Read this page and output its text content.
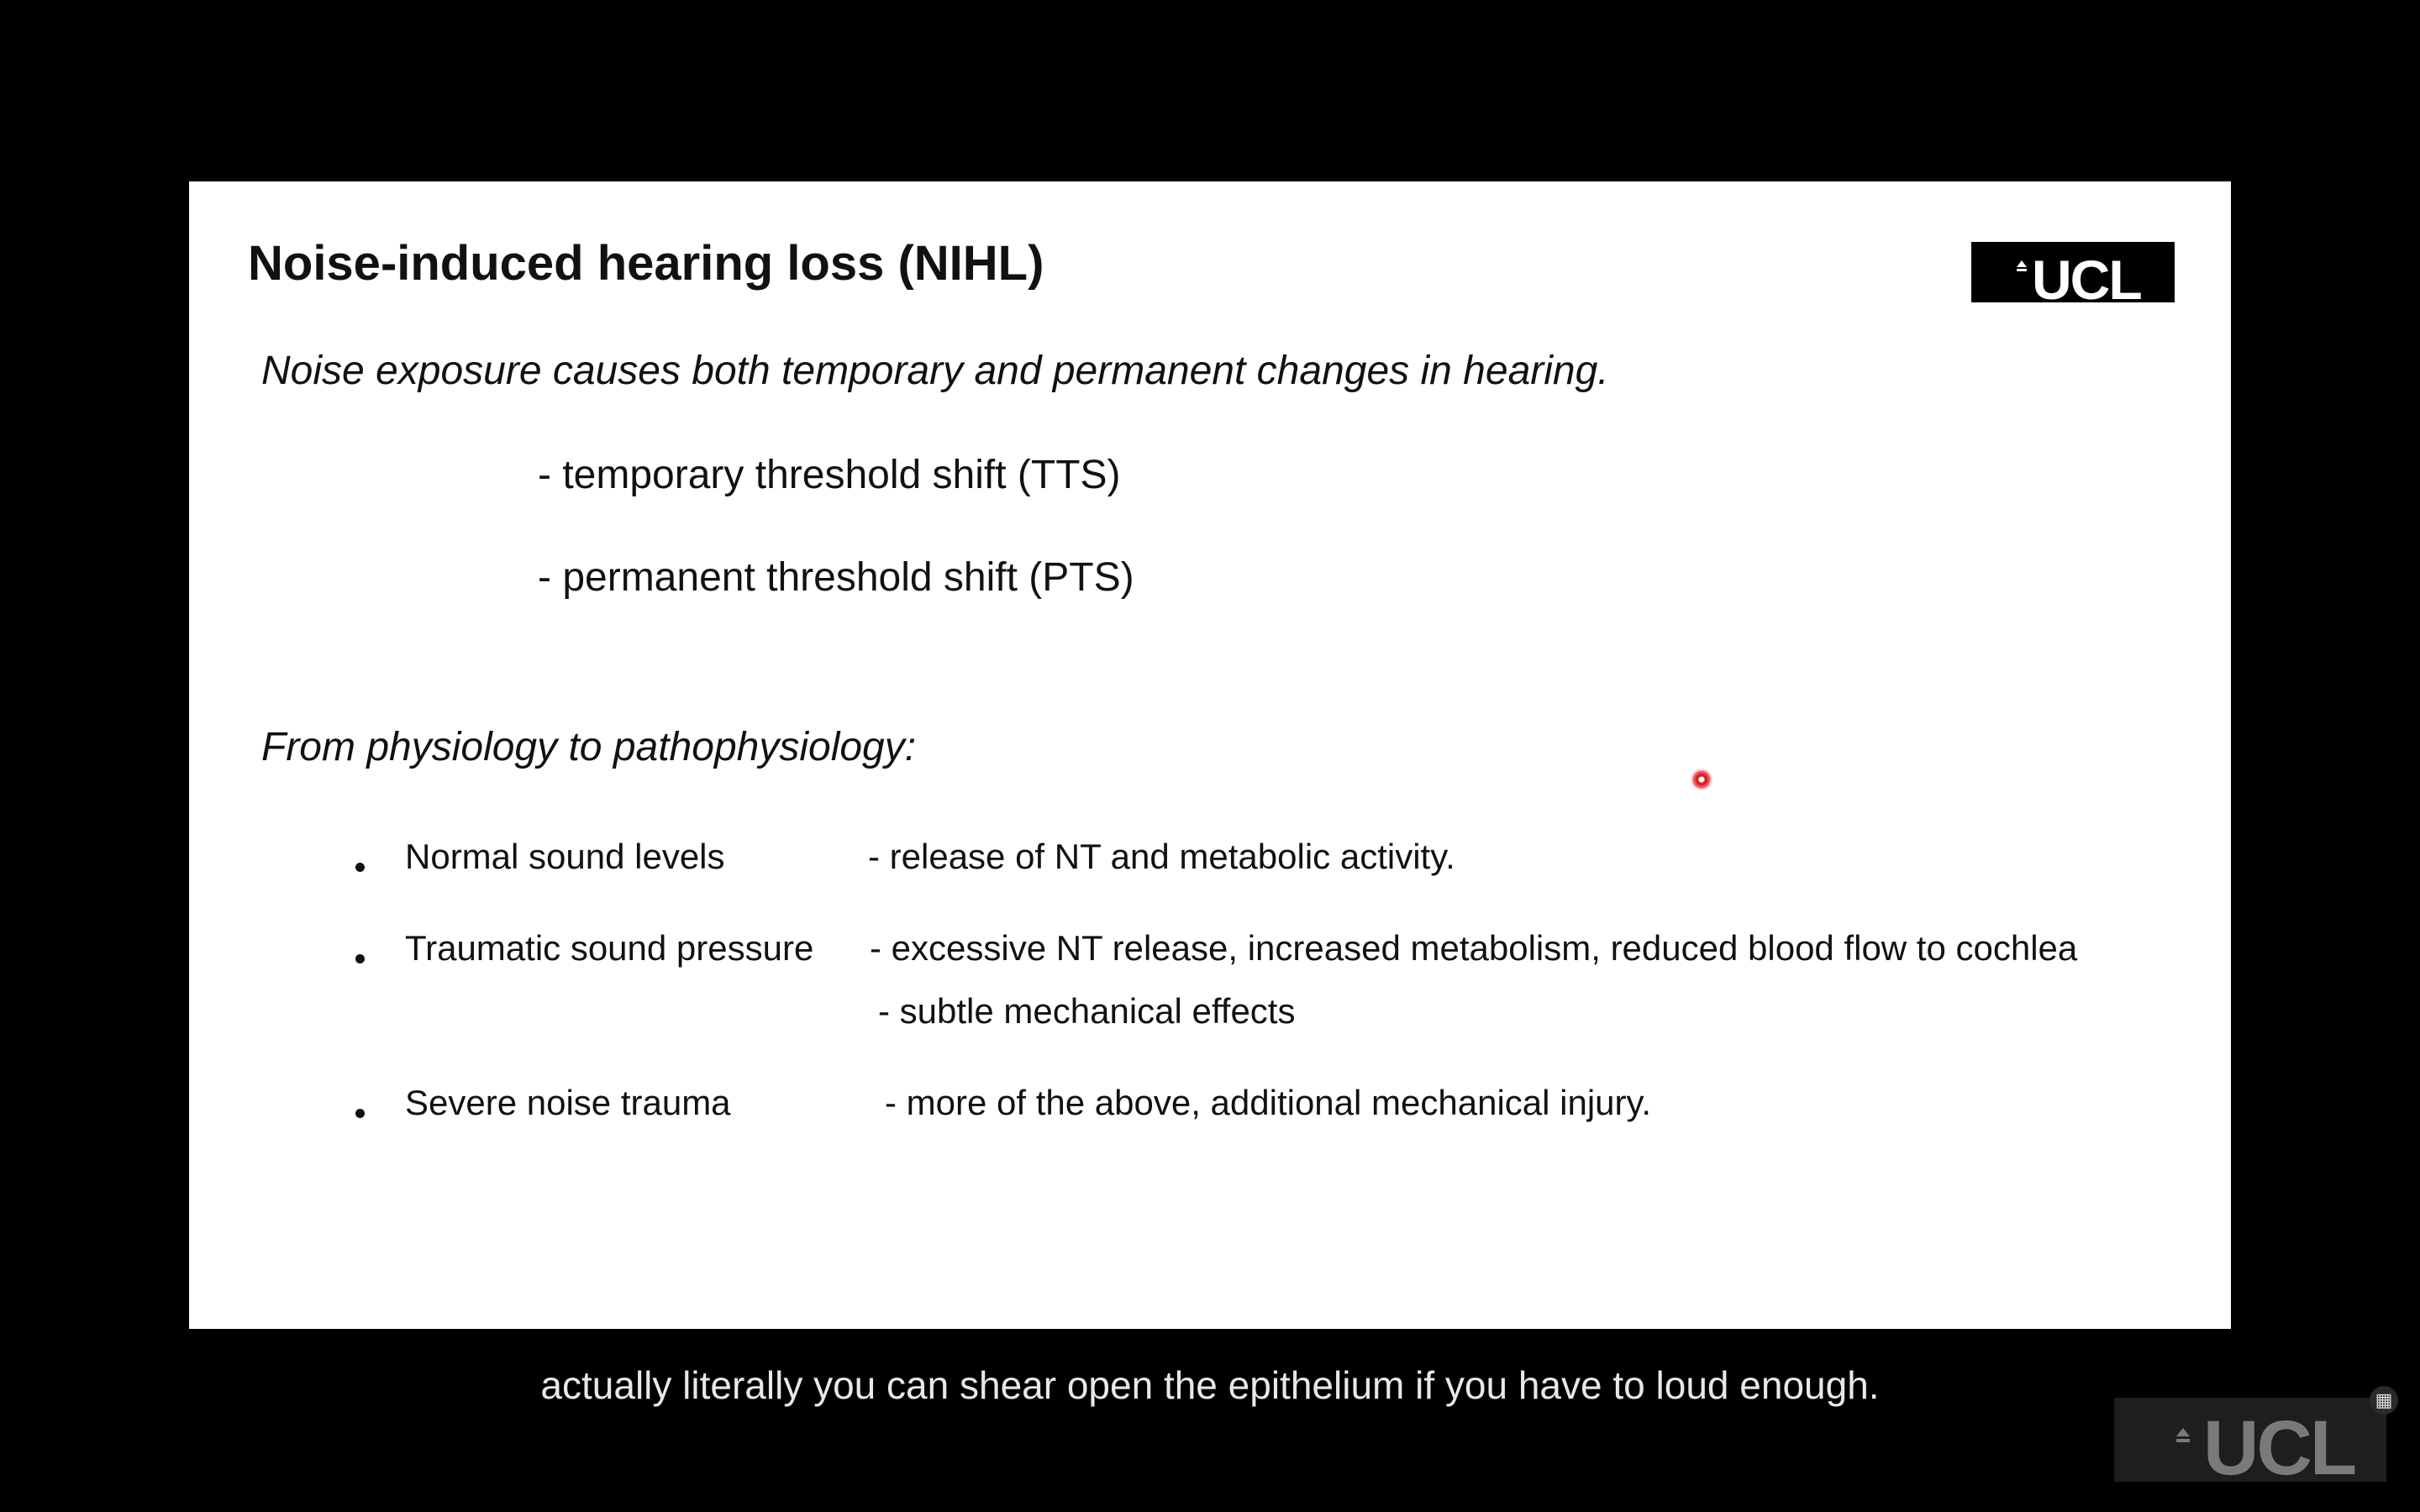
Noise-induced hearing loss (NIHL)	UCL
Noise exposure causes both temporary and permanent changes in hearing.
- temporary threshold shift (TTS)
- permanent threshold shift (PTS)
From physiology to pathophysiology:
Normal sound levels	- release of NT and metabolic activity.
Traumatic sound pressure - excessive NT release, increased metabolism, reduced blood flow to cochlea
- subtle mechanical effects
Severe noise trauma	- more of the above, additional mechanical injury.
actually literally you can shear open the epithelium if you have to loud enough.
UCL
▦
